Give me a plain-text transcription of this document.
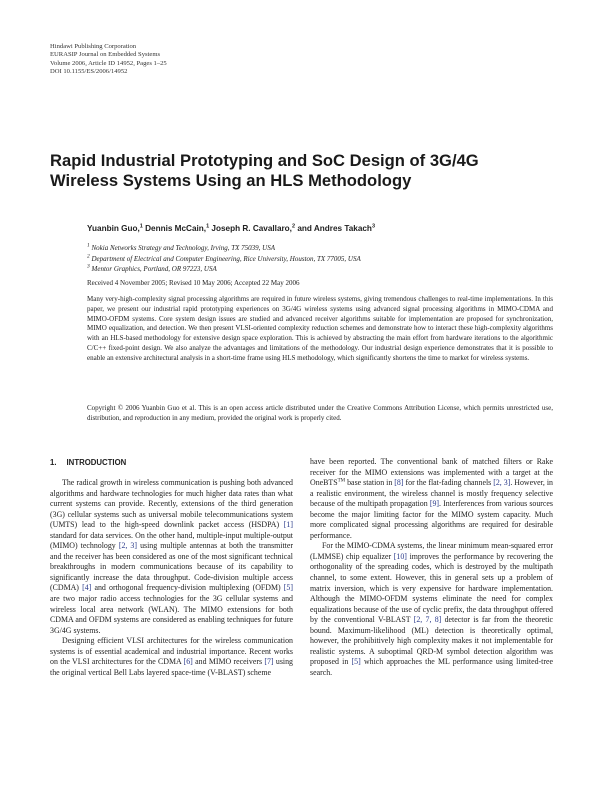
Hindawi Publishing Corporation
EURASIP Journal on Embedded Systems
Volume 2006, Article ID 14952, Pages 1–25
DOI 10.1155/ES/2006/14952
Rapid Industrial Prototyping and SoC Design of 3G/4G
Wireless Systems Using an HLS Methodology
Yuanbin Guo,$^1$ Dennis McCain,$^1$ Joseph R. Cavallaro,$^2$ and Andres Takach$^3$
$^1$ Nokia Networks Strategy and Technology, Irving, TX 75039, USA
$^2$ Department of Electrical and Computer Engineering, Rice University, Houston, TX 77005, USA
$^3$ Mentor Graphics, Portland, OR 97223, USA
Received 4 November 2005; Revised 10 May 2006; Accepted 22 May 2006

Many very-high-complexity signal processing algorithms are required in future wireless systems, giving tremendous challenges to real-time implementations. In this paper, we present our industrial rapid prototyping experiences on 3G/4G wireless systems using advanced signal processing algorithms in MIMO-CDMA and MIMO-OFDM systems. Core system design issues are studied and advanced receiver algorithms suitable for implementation are proposed for synchronization, MIMO equalization, and detection. We then present VLSI-oriented complexity reduction schemes and demonstrate how to interact these high-complexity algorithms with an HLS-based methodology for extensive design space exploration. This is achieved by abstracting the main effort from hardware iterations to the algorithmic C/C++ fixed-point design. We also analyze the advantages and limitations of the methodology. Our industrial design experience demonstrates that it is possible to enable an extensive architectural analysis in a short-time frame using HLS methodology, which significantly shortens the time to market for wireless systems.

Copyright © 2006 Yuanbin Guo et al. This is an open access article distributed under the Creative Commons Attribution License, which permits unrestricted use, distribution, and reproduction in any medium, provided the original work is properly cited.

1. INTRODUCTION

The radical growth in wireless communication is pushing both advanced algorithms and hardware technologies for much higher data rates than what current systems can provide. Recently, extensions of the third generation (3G) cellular systems such as universal mobile telecommunications system (UMTS) lead to the high-speed downlink packet access (HSDPA) [1] standard for data services. On the other hand, multiple-input multiple-output (MIMO) technology [2, 3] using multiple antennas at both the transmitter and the receiver has been considered as one of the most significant technical breakthroughs in modern communications because of its capability to significantly increase the data throughput. Code-division multiple access (CDMA) [4] and orthogonal frequency-division multiplexing (OFDM) [5] are two major radio access technologies for the 3G cellular systems and wireless local area network (WLAN). The MIMO extensions for both CDMA and OFDM systems are considered as enabling techniques for future 3G/4G systems.

Designing efficient VLSI architectures for the wireless communication systems is of essential academical and industrial importance. Recent works on the VLSI architectures for the CDMA [6] and MIMO receivers [7] using the original vertical Bell Labs layered space-time (V-BLAST) scheme

have been reported. The conventional bank of matched filters or Rake receiver for the MIMO extensions was implemented with a target at the OneBTS™ base station in [8] for the flat-fading channels [2, 3]. However, in a realistic environment, the wireless channel is mostly frequency selective because of the multipath propagation [9]. Interferences from various sources become the major limiting factor for the MIMO system capacity. Much more complicated signal processing algorithms are required for desirable performance.

For the MIMO-CDMA systems, the linear minimum mean-squared error (LMMSE) chip equalizer [10] improves the performance by recovering the orthogonality of the spreading codes, which is destroyed by the multipath channel, to some extent. However, this in general sets up a problem of matrix inversion, which is very expensive for hardware implementation. Although the MIMO-OFDM systems eliminate the need for complex equalizations because of the use of cyclic prefix, the data throughput offered by the conventional V-BLAST [2, 7, 8] detector is far from the theoretic bound. Maximum-likelihood (ML) detection is theoretically optimal, however, the prohibitively high complexity makes it not implementable for realistic systems. A suboptimal QRD-M symbol detection algorithm was proposed in [5] which approaches the ML performance using limited-tree search.
